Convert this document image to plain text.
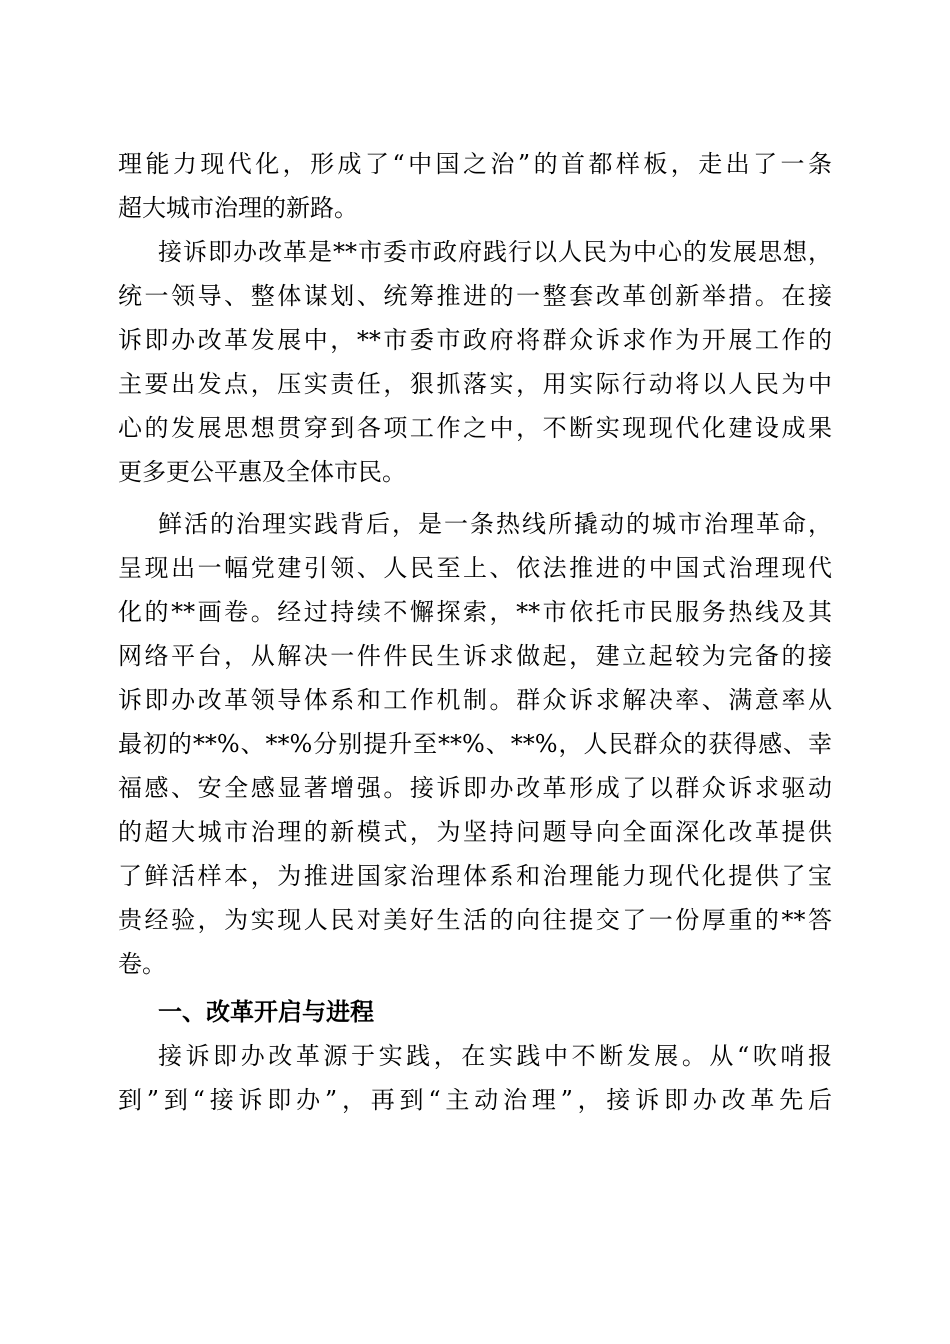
理能力现代化，形成了“中国之治”的首都样板，走出了一条
超大城市治理的新路。
接诉即办改革是**市委市政府践行以人民为中心的发展思想，
统一领导、整体谋划、统筹推进的一整套改革创新举措。在接
诉即办改革发展中，**市委市政府将群众诉求作为开展工作的
主要出发点，压实责任，狠抓落实，用实际行动将以人民为中
心的发展思想贯穿到各项工作之中，不断实现现代化建设成果
更多更公平惠及全体市民。
鲜活的治理实践背后，是一条热线所撬动的城市治理革命，
呈现出一幅党建引领、人民至上、依法推进的中国式治理现代
化的**画卷。经过持续不懈探索，**市依托市民服务热线及其
网络平台，从解决一件件民生诉求做起，建立起较为完备的接
诉即办改革领导体系和工作机制。群众诉求解决率、满意率从
最初的**%、**%分别提升至**%、**%，人民群众的获得感、幸
福感、安全感显著增强。接诉即办改革形成了以群众诉求驱动
的超大城市治理的新模式，为坚持问题导向全面深化改革提供
了鲜活样本，为推进国家治理体系和治理能力现代化提供了宝
贵经验，为实现人民对美好生活的向往提交了一份厚重的**答
卷。
一、改革开启与进程
接诉即办改革源于实践，在实践中不断发展。从“吹哨报
到”到“接诉即办”，再到“主动治理”，接诉即办改革先后
